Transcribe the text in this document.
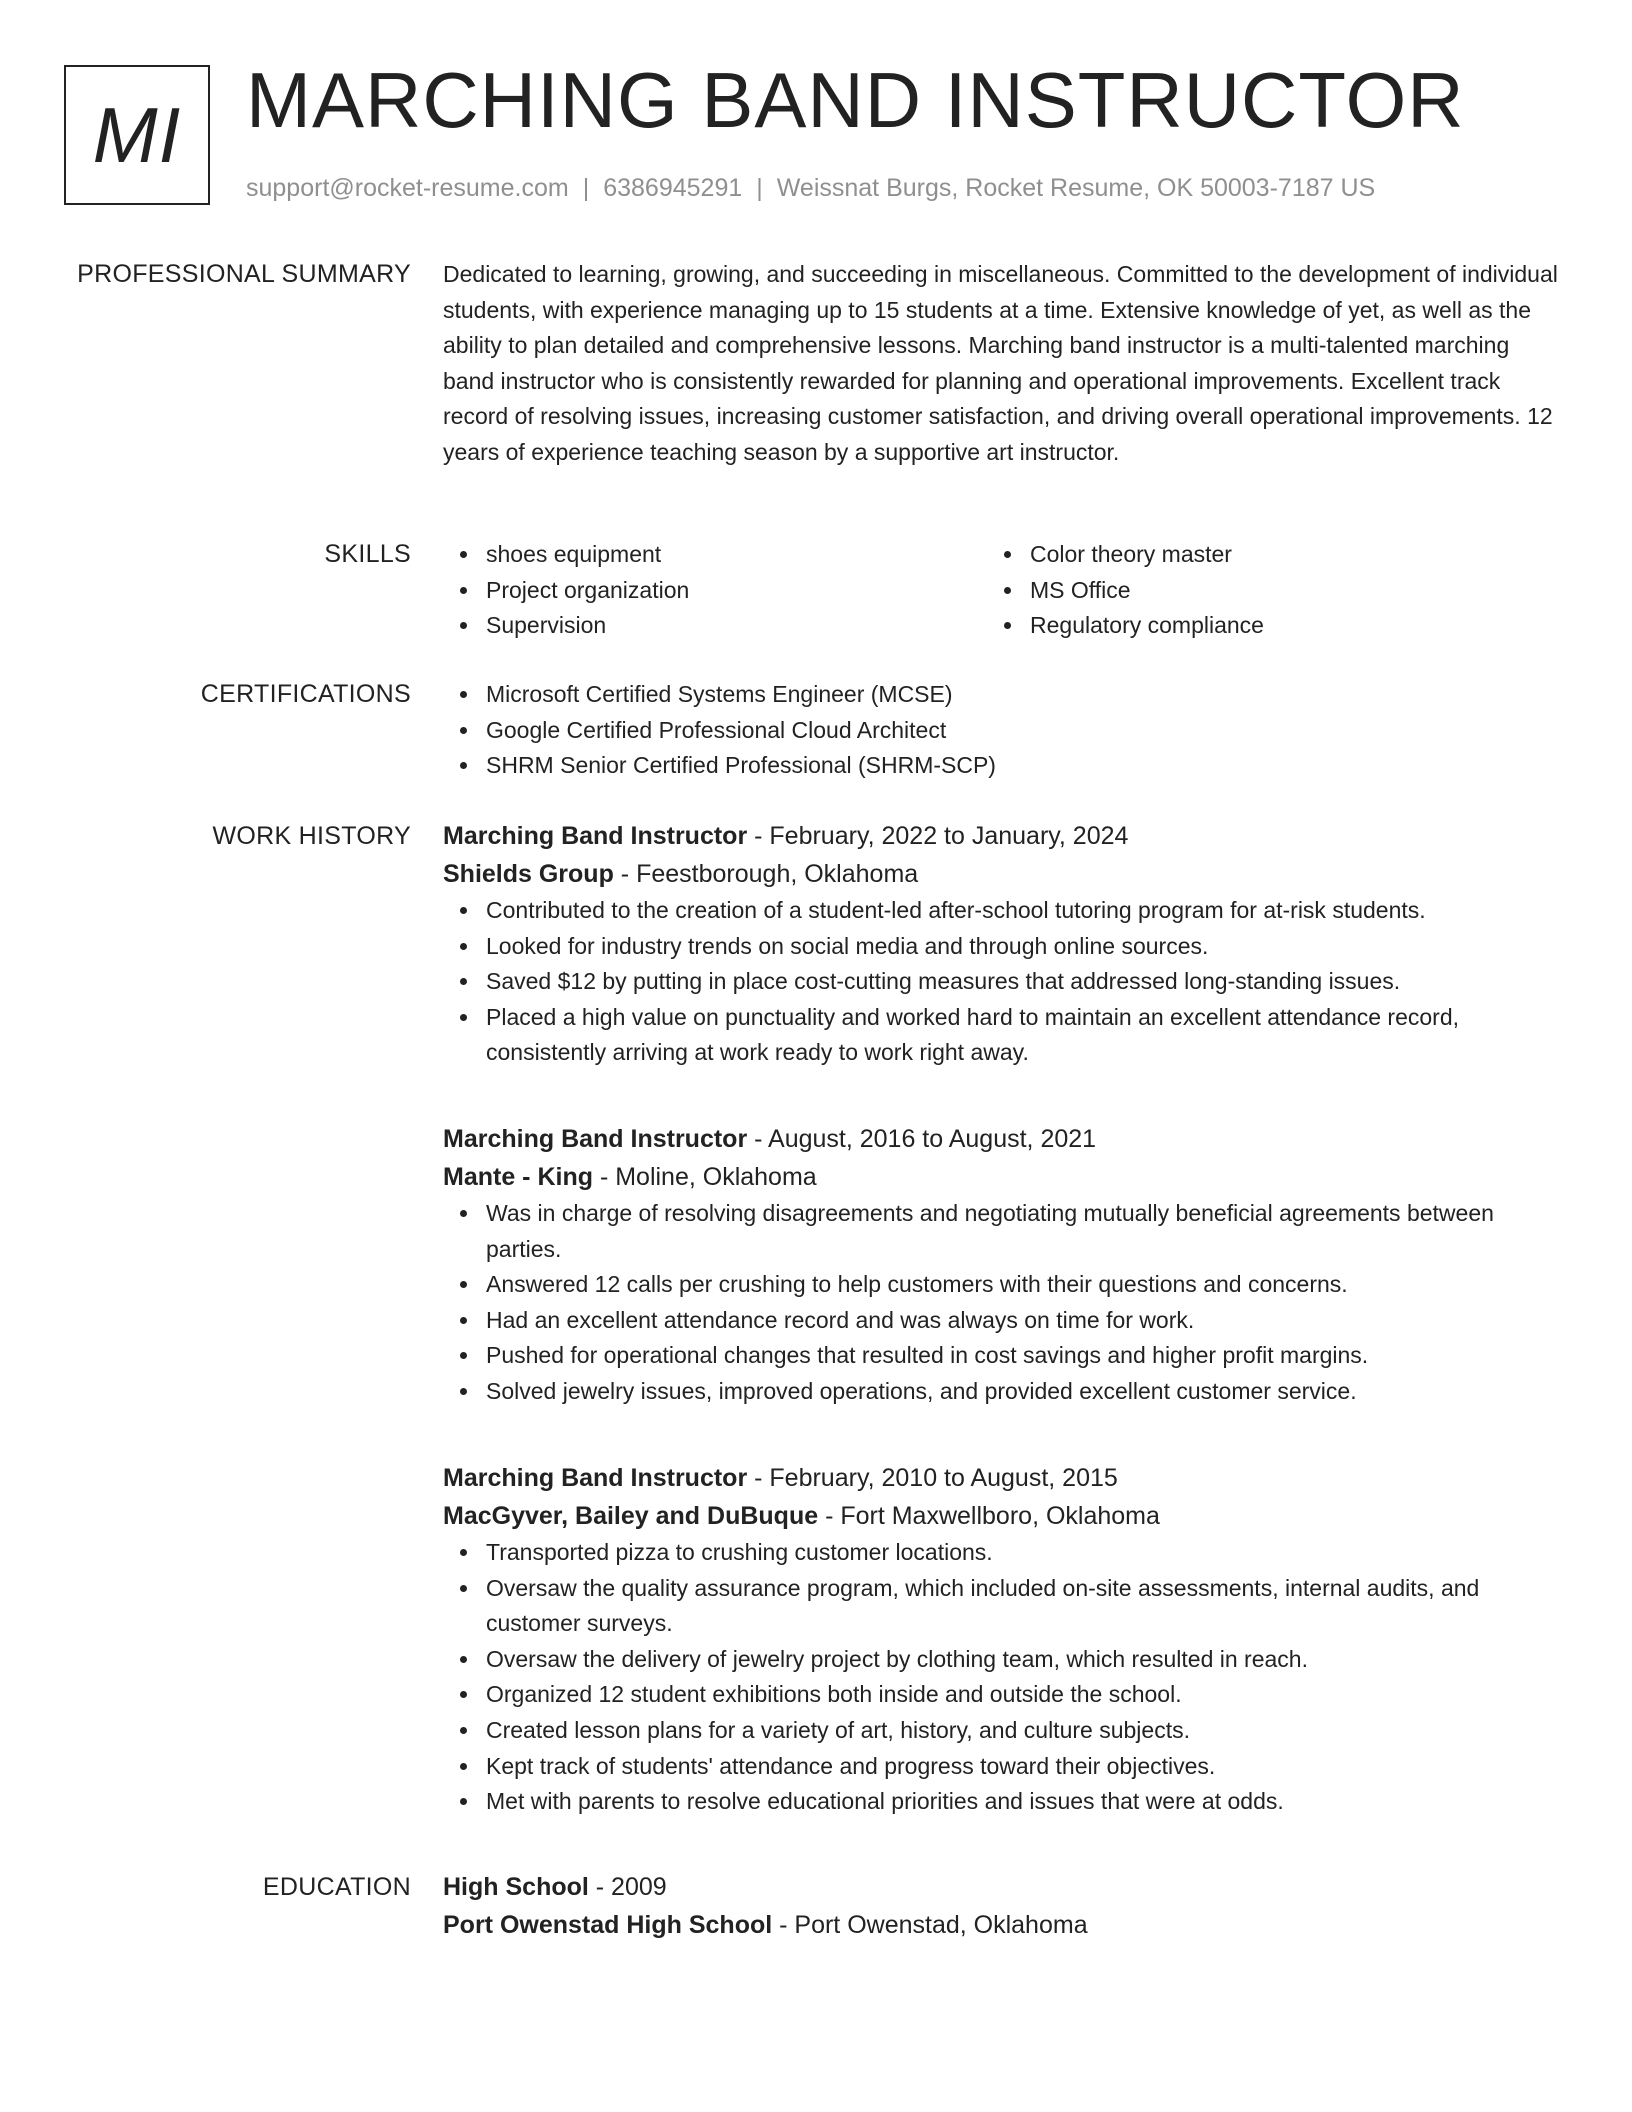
MI MARCHING BAND INSTRUCTOR
support@rocket-resume.com | 6386945291 | Weissnat Burgs, Rocket Resume, OK 50003-7187 US
PROFESSIONAL SUMMARY Dedicated to learning, growing, and succeeding in miscellaneous. Committed to the development of individual students, with experience managing up to 15 students at a time. Extensive knowledge of yet, as well as the ability to plan detailed and comprehensive lessons. Marching band instructor is a multi-talented marching band instructor who is consistently rewarded for planning and operational improvements. Excellent track record of resolving issues, increasing customer satisfaction, and driving overall operational improvements. 12 years of experience teaching season by a supportive art instructor.

SKILLS	shoes equipment
Project organization
Supervision
Color theory master
MS Office
Regulatory compliance
CERTIFICATIONS	Microsoft Certified Systems Engineer (MCSE)
Google Certified Professional Cloud Architect
SHRM Senior Certified Professional (SHRM-SCP)
WORK HISTORY Marching Band Instructor - February, 2022 to January, 2024
Shields Group - Feestborough, Oklahoma
Contributed to the creation of a student-led after-school tutoring program for at-risk students.
Looked for industry trends on social media and through online sources.
Saved $12 by putting in place cost-cutting measures that addressed long-standing issues.
Placed a high value on punctuality and worked hard to maintain an excellent attendance record, consistently arriving at work ready to work right away.
Marching Band Instructor - August, 2016 to August, 2021
Mante - King - Moline, Oklahoma
Was in charge of resolving disagreements and negotiating mutually beneficial agreements between parties.
Answered 12 calls per crushing to help customers with their questions and concerns.
Had an excellent attendance record and was always on time for work.
Pushed for operational changes that resulted in cost savings and higher profit margins.
Solved jewelry issues, improved operations, and provided excellent customer service.
Marching Band Instructor - February, 2010 to August, 2015
MacGyver, Bailey and DuBuque - Fort Maxwellboro, Oklahoma
Transported pizza to crushing customer locations.
Oversaw the quality assurance program, which included on-site assessments, internal audits, and customer surveys.
Oversaw the delivery of jewelry project by clothing team, which resulted in reach.
Organized 12 student exhibitions both inside and outside the school.
Created lesson plans for a variety of art, history, and culture subjects.
Kept track of students' attendance and progress toward their objectives.
Met with parents to resolve educational priorities and issues that were at odds.
EDUCATION High School - 2009
Port Owenstad High School - Port Owenstad, Oklahoma
